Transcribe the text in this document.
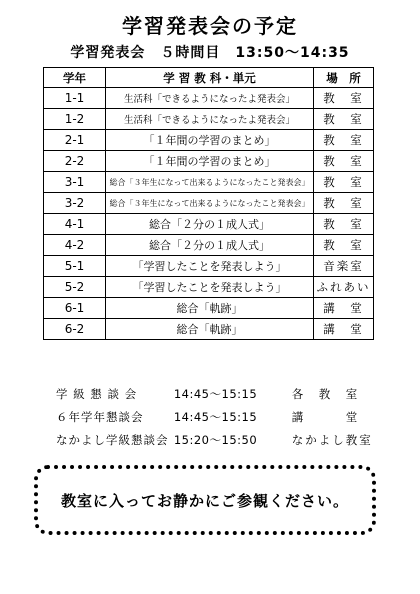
学習発表会の予定
学習発表会　５時間目　13:50～14:35
学年	学 習 教 科・単元	場　所
1-1	生活科「できるようになったよ発表会」	教　室
1-2	生活科「できるようになったよ発表会」	教　室
2-1	「１年間の学習のまとめ」	教　室
2-2	「１年間の学習のまとめ」	教　室
3-1	総合「３年生になって出来るようになったこと発表会」	教　室
3-2	総合「３年生になって出来るようになったこと発表会」	教　室
4-1	総合「２分の１成人式」	教　室
4-2	総合「２分の１成人式」	教　室
5-1	「学習したことを発表しよう」	音楽室
5-2	「学習したことを発表しよう」	ふれあい
6-1	総合「軌跡」	講　堂
6-2	総合「軌跡」	講　堂
学 級 懇 談 会	14:45～15:15	各　教　室
６年学年懇談会	14:45～15:15	講　　　堂
なかよし学級懇談会 15:20～15:50	なかよし教室
教室に入ってお静かにご参観ください。
